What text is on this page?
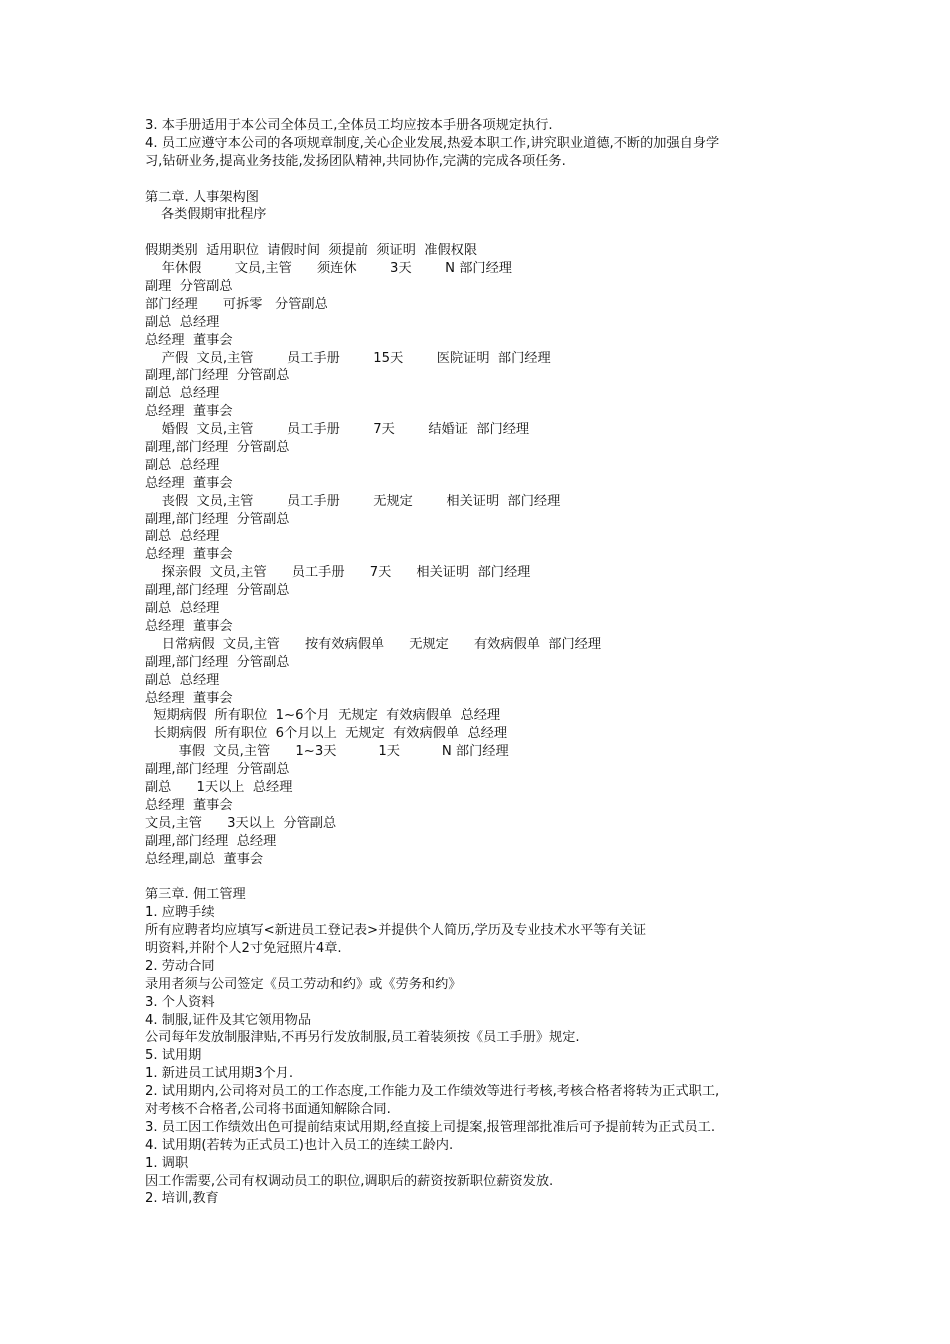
3. 本手册适用于本公司全体员工,全体员工均应按本手册各项规定执行.
4. 员工应遵守本公司的各项规章制度,关心企业发展,热爱本职工作,讲究职业道德,不断的加强自身学
习,钻研业务,提高业务技能,发扬团队精神,共同协作,完满的完成各项任务.
第二章. 人事架构图
各类假期审批程序
假期类别  适用职位  请假时间  须提前  须证明  准假权限
年休假        文员,主管      须连休        3天        N 部门经理
副理  分管副总
部门经理      可拆零   分管副总
副总  总经理
总经理  董事会
产假  文员,主管        员工手册        15天        医院证明  部门经理
副理,部门经理  分管副总
副总  总经理
总经理  董事会
婚假  文员,主管        员工手册        7天        结婚证  部门经理
副理,部门经理  分管副总
副总  总经理
总经理  董事会
丧假  文员,主管        员工手册        无规定        相关证明  部门经理
副理,部门经理  分管副总
副总  总经理
总经理  董事会
探亲假  文员,主管      员工手册      7天      相关证明  部门经理
副理,部门经理  分管副总
副总  总经理
总经理  董事会
日常病假  文员,主管      按有效病假单      无规定      有效病假单  部门经理
副理,部门经理  分管副总
副总  总经理
总经理  董事会
短期病假  所有职位  1~6个月  无规定  有效病假单  总经理
长期病假  所有职位  6个月以上  无规定  有效病假单  总经理
事假  文员,主管      1~3天          1天          N 部门经理
副理,部门经理  分管副总
副总      1天以上  总经理
总经理  董事会
文员,主管      3天以上  分管副总
副理,部门经理  总经理
总经理,副总  董事会
第三章. 佣工管理
1. 应聘手续
所有应聘者均应填写<新进员工登记表>并提供个人简历,学历及专业技术水平等有关证
明资料,并附个人2寸免冠照片4章.
2. 劳动合同
录用者须与公司签定《员工劳动和约》或《劳务和约》
3. 个人资料
4. 制服,证件及其它领用物品
公司每年发放制服津贴,不再另行发放制服,员工着装须按《员工手册》规定.
5. 试用期
1. 新进员工试用期3个月.
2. 试用期内,公司将对员工的工作态度,工作能力及工作绩效等进行考核,考核合格者将转为正式职工,
对考核不合格者,公司将书面通知解除合同.
3. 员工因工作绩效出色可提前结束试用期,经直接上司提案,报管理部批准后可予提前转为正式员工.
4. 试用期(若转为正式员工)也计入员工的连续工龄内.
1. 调职
因工作需要,公司有权调动员工的职位,调职后的薪资按新职位薪资发放.
2. 培训,教育
